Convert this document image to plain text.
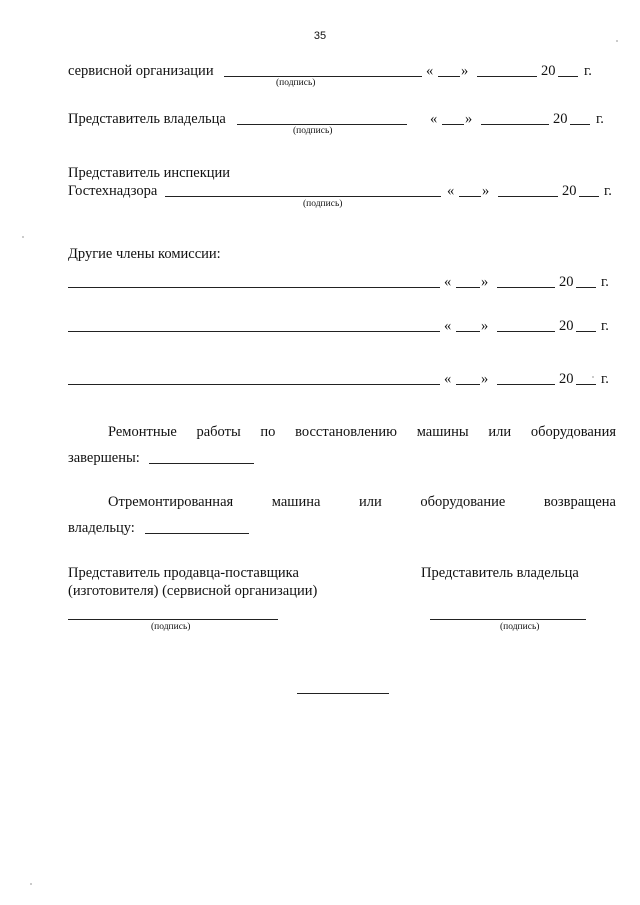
35
сервисной организации	« »	20 г.
(подпись)
Представитель владельца	« »	20 г.
(подпись)
Представитель инспекции
Гостехнадзора	« »	20 г.
(подпись)
Другие члены комиссии:
« »	20 г.
« »	20 г.
« »	20 г.
Ремонтные работы по восстановлению машины или оборудования
завершены:
Отремонтированная	машина	или	оборудование	возвращена
владельцу:
Представитель продавца-поставщика
(изготовителя) (сервисной организации)
Представитель владельца
(подпись)	(подпись)
